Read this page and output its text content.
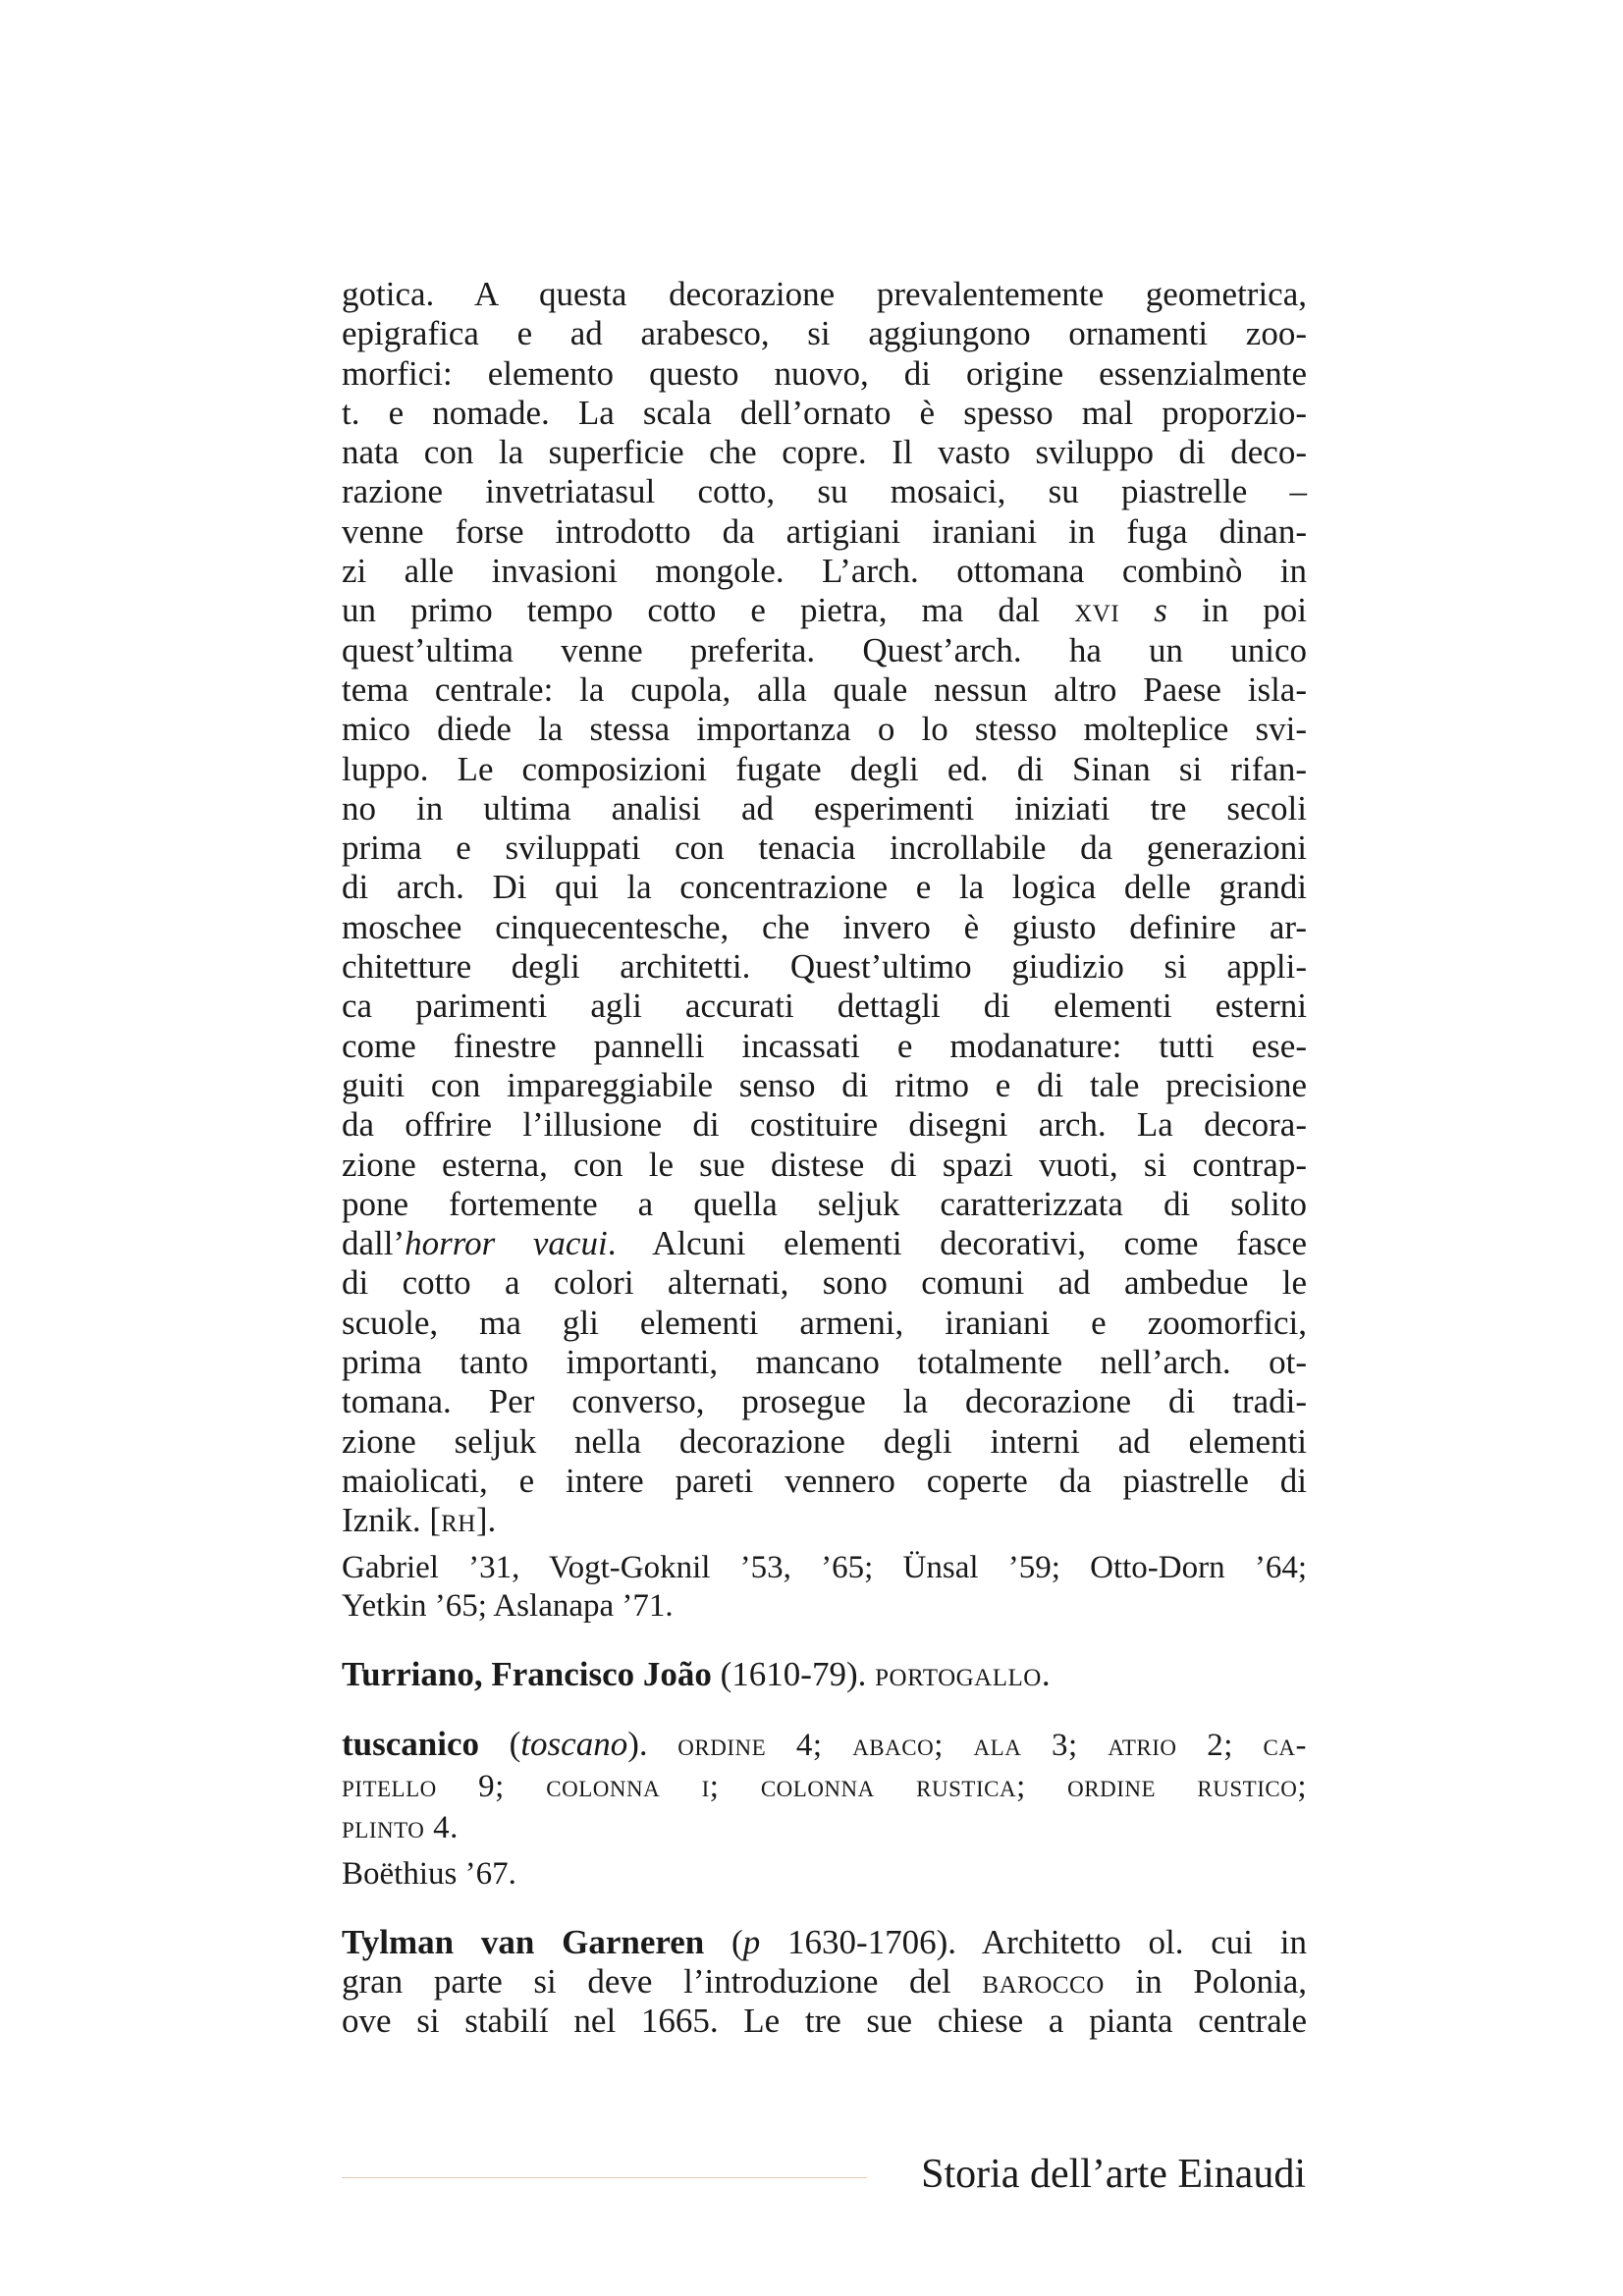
gotica. A questa decorazione prevalentemente geometrica,
epigrafica e ad arabesco, si aggiungono ornamenti zoo-
morfici: elemento questo nuovo, di origine essenzialmente
t. e nomade. La scala dell’ornato è spesso mal proporzio-
nata con la superficie che copre. Il vasto sviluppo di deco-
razione invetriatasul cotto, su mosaici, su piastrelle –
venne forse introdotto da artigiani iraniani in fuga dinan-
zi alle invasioni mongole. L’arch. ottomana combinò in
un primo tempo cotto e pietra, ma dal xvi s in poi
quest’ultima venne preferita. Quest’arch. ha un unico
tema centrale: la cupola, alla quale nessun altro Paese isla-
mico diede la stessa importanza o lo stesso molteplice svi-
luppo. Le composizioni fugate degli ed. di Sinan si rifan-
no in ultima analisi ad esperimenti iniziati tre secoli
prima e sviluppati con tenacia incrollabile da generazioni
di arch. Di qui la concentrazione e la logica delle grandi
moschee cinquecentesche, che invero è giusto definire ar-
chitetture degli architetti. Quest’ultimo giudizio si appli-
ca parimenti agli accurati dettagli di elementi esterni
come finestre pannelli incassati e modanature: tutti ese-
guiti con impareggiabile senso di ritmo e di tale precisione
da offrire l’illusione di costituire disegni arch. La decora-
zione esterna, con le sue distese di spazi vuoti, si contrap-
pone fortemente a quella seljuk caratterizzata di solito
dall’horror vacui. Alcuni elementi decorativi, come fasce
di cotto a colori alternati, sono comuni ad ambedue le
scuole, ma gli elementi armeni, iraniani e zoomorfici,
prima tanto importanti, mancano totalmente nell’arch. ot-
tomana. Per converso, prosegue la decorazione di tradi-
zione seljuk nella decorazione degli interni ad elementi
maiolicati, e intere pareti vennero coperte da piastrelle di
Iznik. [rh].
Gabriel ’31, Vogt-Goknil ’53, ’65; Ünsal ’59; Otto-Dorn ’64;
Yetkin ’65; Aslanapa ’71.
Turriano, Francisco João (1610-79). portogallo.
tuscanico (toscano). ordine 4; abaco; ala 3; atrio 2; ca-
pitello 9; colonna i; colonna rustica; ordine rustico;
plinto 4.
Boëthius ’67.
Tylman van Garneren (p 1630-1706). Architetto ol. cui in
gran parte si deve l’introduzione del barocco in Polonia,
ove si stabilí nel 1665. Le tre sue chiese a pianta centrale
Storia dell’arte Einaudi
